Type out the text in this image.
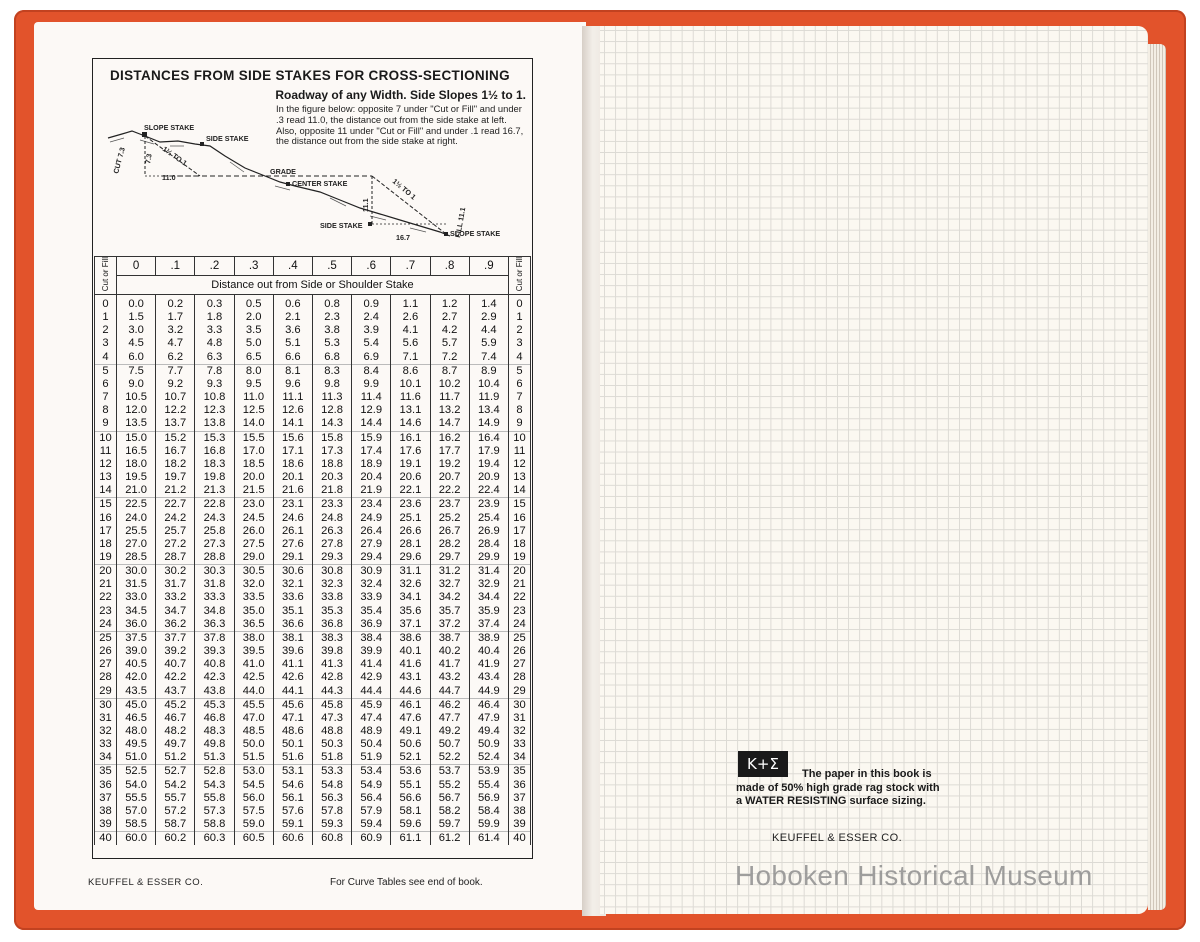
DISTANCES FROM SIDE STAKES FOR CROSS-SECTIONING
Roadway of any Width. Side Slopes 1½ to 1.
In the figure below: opposite 7 under "Cut or Fill" and under .3 read 11.0, the distance out from the side stake at left. Also, opposite 11 under "Cut or Fill" and under .1 read 16.7, the distance out from the side stake at right.
SLOPE STAKE
SIDE STAKE
CUT 7.3 7.3 1½ TO 1
11.0
GRADE
CENTER STAKE	1½ TO 1
11.1
FILL 11.1
SIDE STAKE
16.7	SLOPE STAKE
Cut or Fill	0	.1	.2	.3	.4	.5	.6	.7	.8	.9	Cut or Fill
	Distance out from Side or Shoulder Stake										
0	0.0	0.2	0.3	0.5	0.6	0.8	0.9	1.1	1.2	1.4	0
1	1.5	1.7	1.8	2.0	2.1	2.3	2.4	2.6	2.7	2.9	1
2	3.0	3.2	3.3	3.5	3.6	3.8	3.9	4.1	4.2	4.4	2
3	4.5	4.7	4.8	5.0	5.1	5.3	5.4	5.6	5.7	5.9	3
4	6.0	6.2	6.3	6.5	6.6	6.8	6.9	7.1	7.2	7.4	4
5	7.5	7.7	7.8	8.0	8.1	8.3	8.4	8.6	8.7	8.9	5
6	9.0	9.2	9.3	9.5	9.6	9.8	9.9	10.1	10.2	10.4	6
7	10.5	10.7	10.8	11.0	11.1	11.3	11.4	11.6	11.7	11.9	7
8	12.0	12.2	12.3	12.5	12.6	12.8	12.9	13.1	13.2	13.4	8
9	13.5	13.7	13.8	14.0	14.1	14.3	14.4	14.6	14.7	14.9	9
10	15.0	15.2	15.3	15.5	15.6	15.8	15.9	16.1	16.2	16.4	10
11	16.5	16.7	16.8	17.0	17.1	17.3	17.4	17.6	17.7	17.9	11
12	18.0	18.2	18.3	18.5	18.6	18.8	18.9	19.1	19.2	19.4	12
13	19.5	19.7	19.8	20.0	20.1	20.3	20.4	20.6	20.7	20.9	13
14	21.0	21.2	21.3	21.5	21.6	21.8	21.9	22.1	22.2	22.4	14
15	22.5	22.7	22.8	23.0	23.1	23.3	23.4	23.6	23.7	23.9	15
16	24.0	24.2	24.3	24.5	24.6	24.8	24.9	25.1	25.2	25.4	16
17	25.5	25.7	25.8	26.0	26.1	26.3	26.4	26.6	26.7	26.9	17
18	27.0	27.2	27.3	27.5	27.6	27.8	27.9	28.1	28.2	28.4	18
19	28.5	28.7	28.8	29.0	29.1	29.3	29.4	29.6	29.7	29.9	19
20	30.0	30.2	30.3	30.5	30.6	30.8	30.9	31.1	31.2	31.4	20
21	31.5	31.7	31.8	32.0	32.1	32.3	32.4	32.6	32.7	32.9	21
22	33.0	33.2	33.3	33.5	33.6	33.8	33.9	34.1	34.2	34.4	22
23	34.5	34.7	34.8	35.0	35.1	35.3	35.4	35.6	35.7	35.9	23
24	36.0	36.2	36.3	36.5	36.6	36.8	36.9	37.1	37.2	37.4	24
25	37.5	37.7	37.8	38.0	38.1	38.3	38.4	38.6	38.7	38.9	25
26	39.0	39.2	39.3	39.5	39.6	39.8	39.9	40.1	40.2	40.4	26
27	40.5	40.7	40.8	41.0	41.1	41.3	41.4	41.6	41.7	41.9	27
28	42.0	42.2	42.3	42.5	42.6	42.8	42.9	43.1	43.2	43.4	28
29	43.5	43.7	43.8	44.0	44.1	44.3	44.4	44.6	44.7	44.9	29
30	45.0	45.2	45.3	45.5	45.6	45.8	45.9	46.1	46.2	46.4	30
31	46.5	46.7	46.8	47.0	47.1	47.3	47.4	47.6	47.7	47.9	31
32	48.0	48.2	48.3	48.5	48.6	48.8	48.9	49.1	49.2	49.4	32
33	49.5	49.7	49.8	50.0	50.1	50.3	50.4	50.6	50.7	50.9	33
34	51.0	51.2	51.3	51.5	51.6	51.8	51.9	52.1	52.2	52.4	34
35	52.5	52.7	52.8	53.0	53.1	53.3	53.4	53.6	53.7	53.9	35
36	54.0	54.2	54.3	54.5	54.6	54.8	54.9	55.1	55.2	55.4	36
37	55.5	55.7	55.8	56.0	56.1	56.3	56.4	56.6	56.7	56.9	37
38	57.0	57.2	57.3	57.5	57.6	57.8	57.9	58.1	58.2	58.4	38
39	58.5	58.7	58.8	59.0	59.1	59.3	59.4	59.6	59.7	59.9	39
40	60.0	60.2	60.3	60.5	60.6	60.8	60.9	61.1	61.2	61.4	40
KEUFFEL & ESSER CO.	For Curve Tables see end of book.
K+Σ
The paper in this book is
made of 50% high grade rag stock with
a WATER RESISTING surface sizing.
KEUFFEL & ESSER CO.
Hoboken Historical Museum
